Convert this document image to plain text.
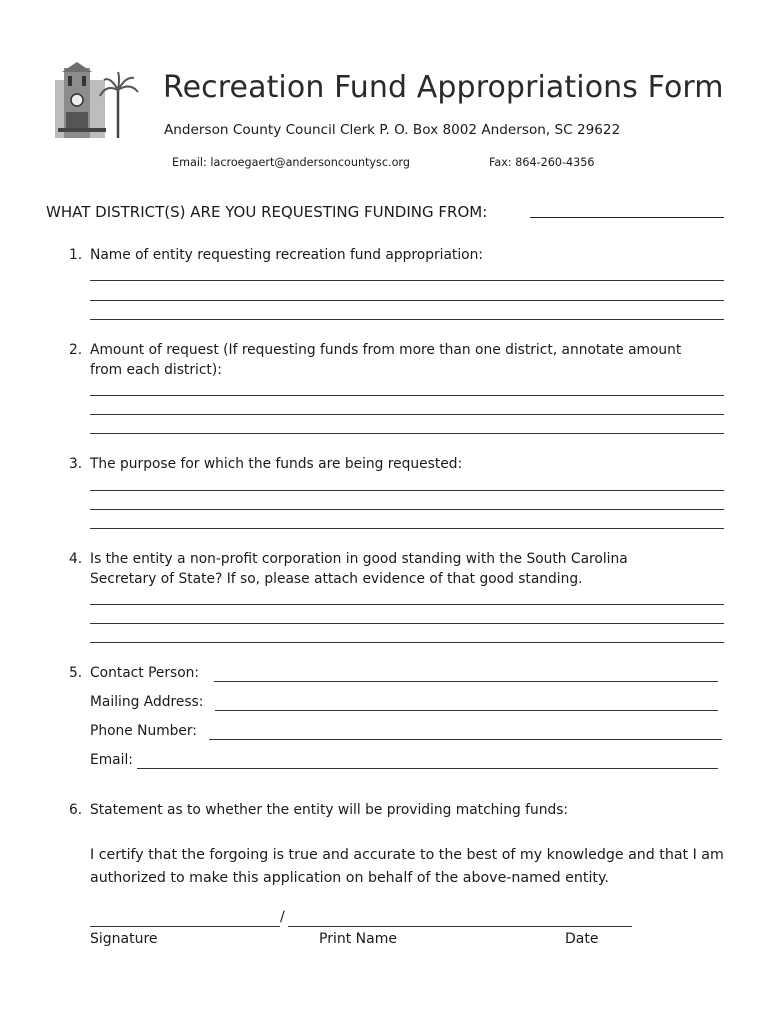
Recreation Fund Appropriations Form
Anderson County Council Clerk P. O. Box 8002 Anderson, SC 29622
Email: lacroegaert@andersoncountysc.org	Fax: 864-260-4356
WHAT DISTRICT(S) ARE YOU REQUESTING FUNDING FROM:
1. Name of entity requesting recreation fund appropriation:
2. Amount of request (If requesting funds from more than one district, annotate amount
from each district):
3. The purpose for which the funds are being requested:
4. Is the entity a non-profit corporation in good standing with the South Carolina
Secretary of State? If so, please attach evidence of that good standing.
5. Contact Person:
Mailing Address:
Phone Number:
Email:
6. Statement as to whether the entity will be providing matching funds:
I certify that the forgoing is true and accurate to the best of my knowledge and that I am authorized to make this application on behalf of the above-named entity.
/
Signature	Print Name	Date
